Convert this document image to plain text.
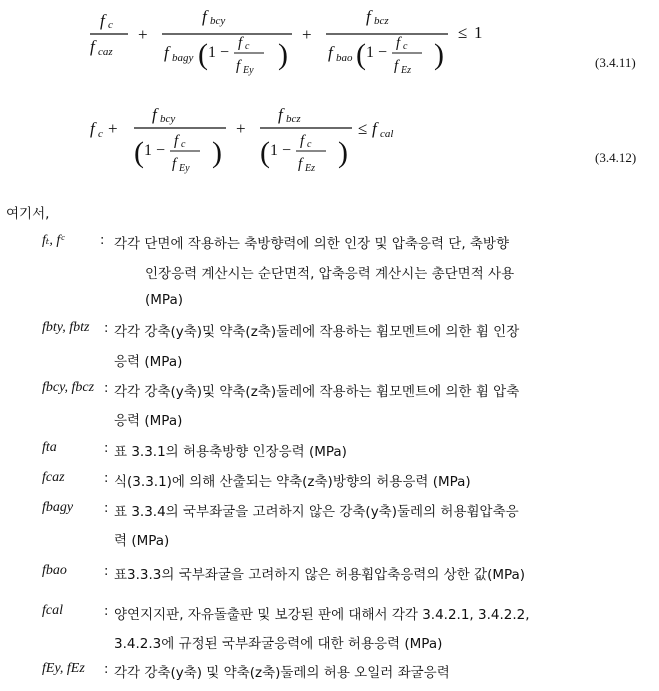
f c
f caz
+
f bcy
f bagy ( 1 −
f c
f Ey )
+
f bcz
f bao ( 1 −
f c
f Ez )
≤ 1
(3.4.11)
f c +
f bcy
( 1 −
f c
f Ey )
+
f bcz
( 1 −
f c
f Ez )
≤ f cal
(3.4.12)
여기서,
fₜ, fᶜ	: 각각 단면에 작용하는 축방향력에 의한 인장 및 압축응력 단, 축방향
인장응력 계산시는 순단면적, 압축응력 계산시는 총단면적 사용
(MPa)
fbty, fbtz : 각각 강축(y축)및 약축(z축)둘레에 작용하는 휨모멘트에 의한 휨 인장
응력 (MPa)
fbcy, fbcz : 각각 강축(y축)및 약축(z축)둘레에 작용하는 휨모멘트에 의한 휨 압축
응력 (MPa)
fta	: 표 3.3.1의 허용축방향 인장응력 (MPa)
fcaz	: 식(3.3.1)에 의해 산출되는 약축(z축)방향의 허용응력 (MPa)
fbagy : 표 3.3.4의 국부좌굴을 고려하지 않은 강축(y축)둘레의 허용휨압축응
력 (MPa)
fbao	: 표3.3.3의 국부좌굴을 고려하지 않은 허용휨압축응력의 상한 값(MPa)
fcal	: 양연지지판, 자유돌출판 및 보강된 판에 대해서 각각 3.4.2.1, 3.4.2.2,
3.4.2.3에 규정된 국부좌굴응력에 대한 허용응력 (MPa)
fEy, fEz : 각각 강축(y축) 및 약축(z축)둘레의 허용 오일러 좌굴응력
